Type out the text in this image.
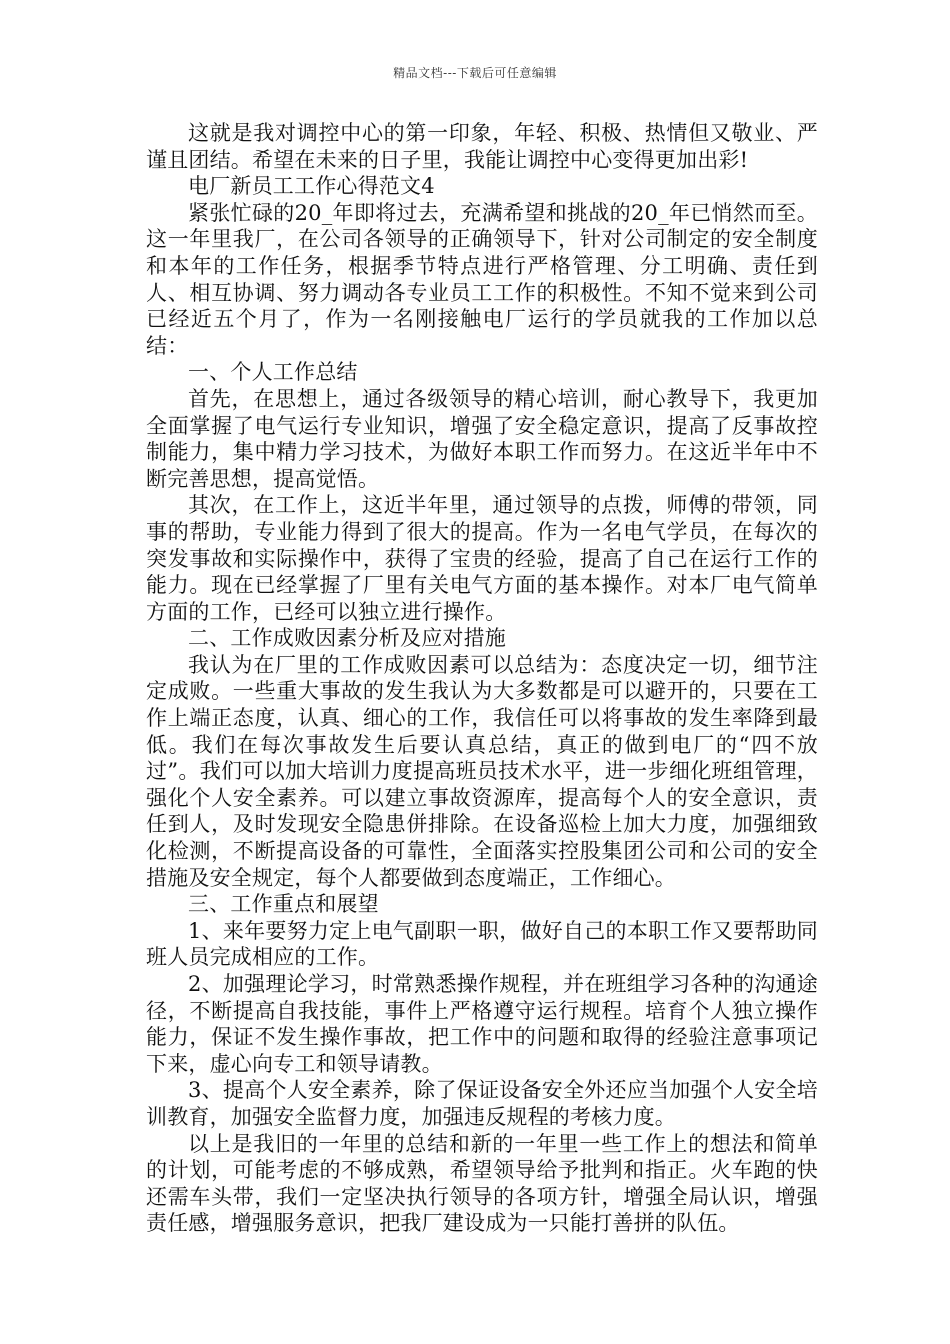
精品文档---下载后可任意编辑

这就是我对调控中心的第一印象，年轻、积极、热情但又敬业、严谨且团结。希望在未来的日子里，我能让调控中心变得更加出彩!

电厂新员工工作心得范文4

紧张忙碌的20_年即将过去，充满希望和挑战的20_年已悄然而至。这一年里我厂，在公司各领导的正确领导下，针对公司制定的安全制度和本年的工作任务，根据季节特点进行严格管理、分工明确、责任到人、相互协调、努力调动各专业员工工作的积极性。不知不觉来到公司已经近五个月了，作为一名刚接触电厂运行的学员就我的工作加以总结：

一、个人工作总结

首先，在思想上，通过各级领导的精心培训，耐心教导下，我更加全面掌握了电气运行专业知识，增强了安全稳定意识，提高了反事故控制能力，集中精力学习技术，为做好本职工作而努力。在这近半年中不断完善思想，提高觉悟。

其次，在工作上，这近半年里，通过领导的点拨，师傅的带领，同事的帮助，专业能力得到了很大的提高。作为一名电气学员，在每次的突发事故和实际操作中，获得了宝贵的经验，提高了自己在运行工作的能力。现在已经掌握了厂里有关电气方面的基本操作。对本厂电气简单方面的工作，已经可以独立进行操作。

二、工作成败因素分析及应对措施

我认为在厂里的工作成败因素可以总结为：态度决定一切，细节注定成败。一些重大事故的发生我认为大多数都是可以避开的，只要在工作上端正态度，认真、细心的工作，我信任可以将事故的发生率降到最低。我们在每次事故发生后要认真总结，真正的做到电厂的“四不放过”。我们可以加大培训力度提高班员技术水平，进一步细化班组管理，强化个人安全素养。可以建立事故资源库，提高每个人的安全意识，责任到人，及时发现安全隐患併排除。在设备巡检上加大力度，加强细致化检测，不断提高设备的可靠性，全面落实控股集团公司和公司的安全措施及安全规定，每个人都要做到态度端正，工作细心。

三、工作重点和展望

1、来年要努力定上电气副职一职，做好自己的本职工作又要帮助同班人员完成相应的工作。

2、加强理论学习，时常熟悉操作规程，并在班组学习各种的沟通途径，不断提高自我技能，事件上严格遵守运行规程。培育个人独立操作能力，保证不发生操作事故，把工作中的问题和取得的经验注意事项记下来，虚心向专工和领导请教。

3、提高个人安全素养，除了保证设备安全外还应当加强个人安全培训教育，加强安全监督力度，加强违反规程的考核力度。

以上是我旧的一年里的总结和新的一年里一些工作上的想法和简单的计划，可能考虑的不够成熟，希望领导给予批判和指正。火车跑的快还需车头带，我们一定坚决执行领导的各项方针，增强全局认识，增强责任感，增强服务意识，把我厂建设成为一只能打善拼的队伍。
